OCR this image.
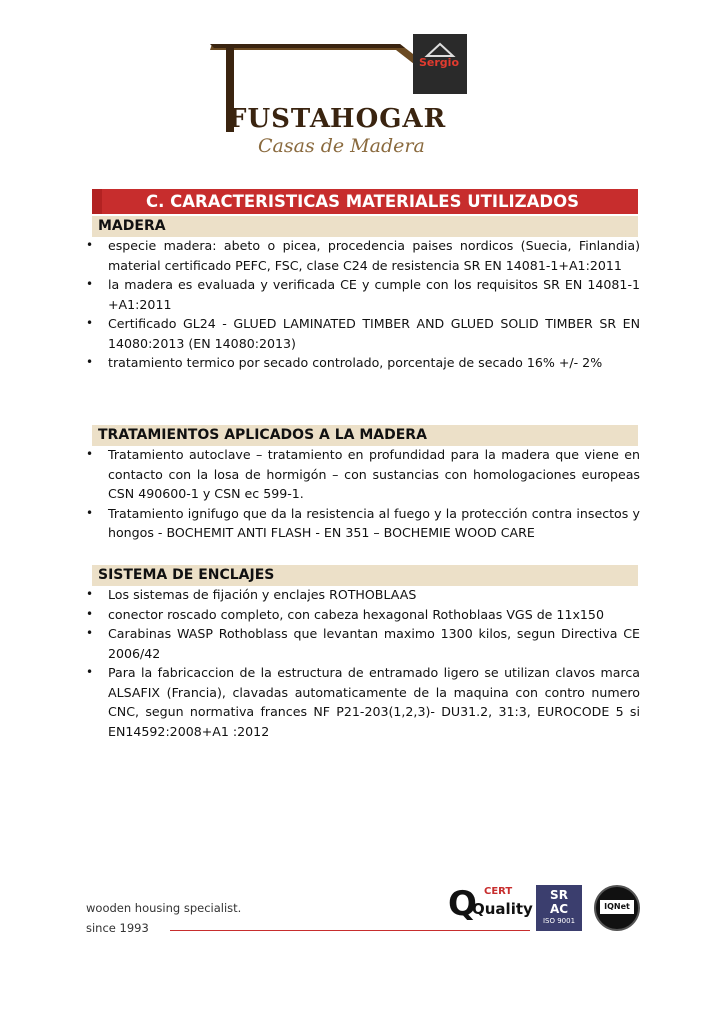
FUSTA
HOGAR
Casas de Madera
Sergio
C. CARACTERISTICAS MATERIALES UTILIZADOS
MADERA
• especie madera: abeto o picea, procedencia paises nordicos (Suecia, Finlandia) material certificado PEFC, FSC, clase C24 de resistencia SR EN 14081-1+A1:2011
• la madera es evaluada y verificada CE y cumple con los requisitos SR EN 14081-1 +A1:2011
• Certificado GL24 - GLUED LAMINATED TIMBER AND GLUED SOLID TIMBER SR EN 14080:2013 (EN 14080:2013)
• tratamiento termico por secado controlado, porcentaje de secado 16% +/- 2%
TRATAMIENTOS APLICADOS A LA MADERA
• Tratamiento autoclave – tratamiento en profundidad para la madera que viene en contacto con la losa de hormigón – con sustancias con homologaciones europeas CSN 490600-1 y CSN ec 599-1.
• Tratamiento ignifugo que da la resistencia al fuego y la protección contra insectos y hongos - BOCHEMIT ANTI FLASH - EN 351 – BOCHEMIE WOOD CARE
SISTEMA DE ENCLAJES
• Los sistemas de fijación y enclajes ROTHOBLAAS
• conector roscado completo, con cabeza hexagonal Rothoblaas VGS de 11x150
• Carabinas WASP Rothoblass que levantan maximo 1300 kilos, segun Directiva CE 2006/42
• Para la fabricaccion de la estructura de entramado ligero se utilizan clavos marca ALSAFIX (Francia), clavadas automaticamente de la maquina con contro numero CNC, segun normativa frances NF P21-203(1,2,3)- DU31.2, 31:3, EUROCODE 5 si EN14592:2008+A1 :2012
wooden housing specialist.
since 1993
Q CERT
Quality
SR
AC
ISO 9001
IQNet
